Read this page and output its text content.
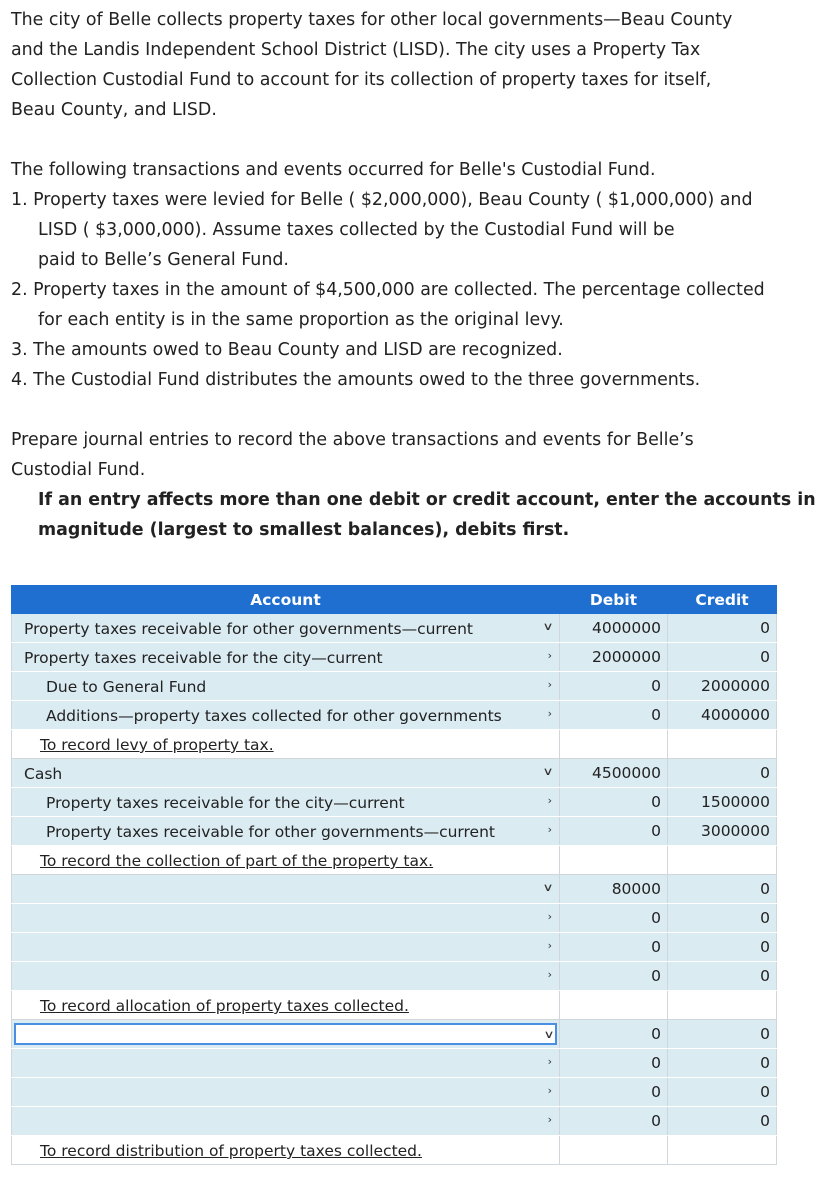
The city of Belle collects property taxes for other local governments—Beau County
and the Landis Independent School District (LISD). The city uses a Property Tax
Collection Custodial Fund to account for its collection of property taxes for itself,
Beau County, and LISD.

The following transactions and events occurred for Belle's Custodial Fund.
1. Property taxes were levied for Belle ( $2,000,000), Beau County ( $1,000,000) and
LISD ( $3,000,000). Assume taxes collected by the Custodial Fund will be
paid to Belle’s General Fund.
2. Property taxes in the amount of $4,500,000 are collected. The percentage collected
for each entity is in the same proportion as the original levy.
3. The amounts owed to Beau County and LISD are recognized.
4. The Custodial Fund distributes the amounts owed to the three governments.

Prepare journal entries to record the above transactions and events for Belle’s
Custodial Fund.

If an entry affects more than one debit or credit account, enter the accounts in
magnitude (largest to smallest balances), debits first.

Account	Debit	Credit

Property taxes receivable for other governments—current ∨	4000000	0

Property taxes receivable for the city—current ›	2000000	0

Due to General Fund ›	0	2000000

Additions—property taxes collected for other governments ›	0	4000000

To record levy of property tax.		

Cash ∨	4500000	0

Property taxes receivable for the city—current ›	0	1500000

Property taxes receivable for other governments—current ›	0	3000000

To record the collection of part of the property tax.		

∨	80000	0

›	0	0

›	0	0

›	0	0

To record allocation of property taxes collected.		

∨	0	0

›	0	0

›	0	0

›	0	0

To record distribution of property taxes collected.		
